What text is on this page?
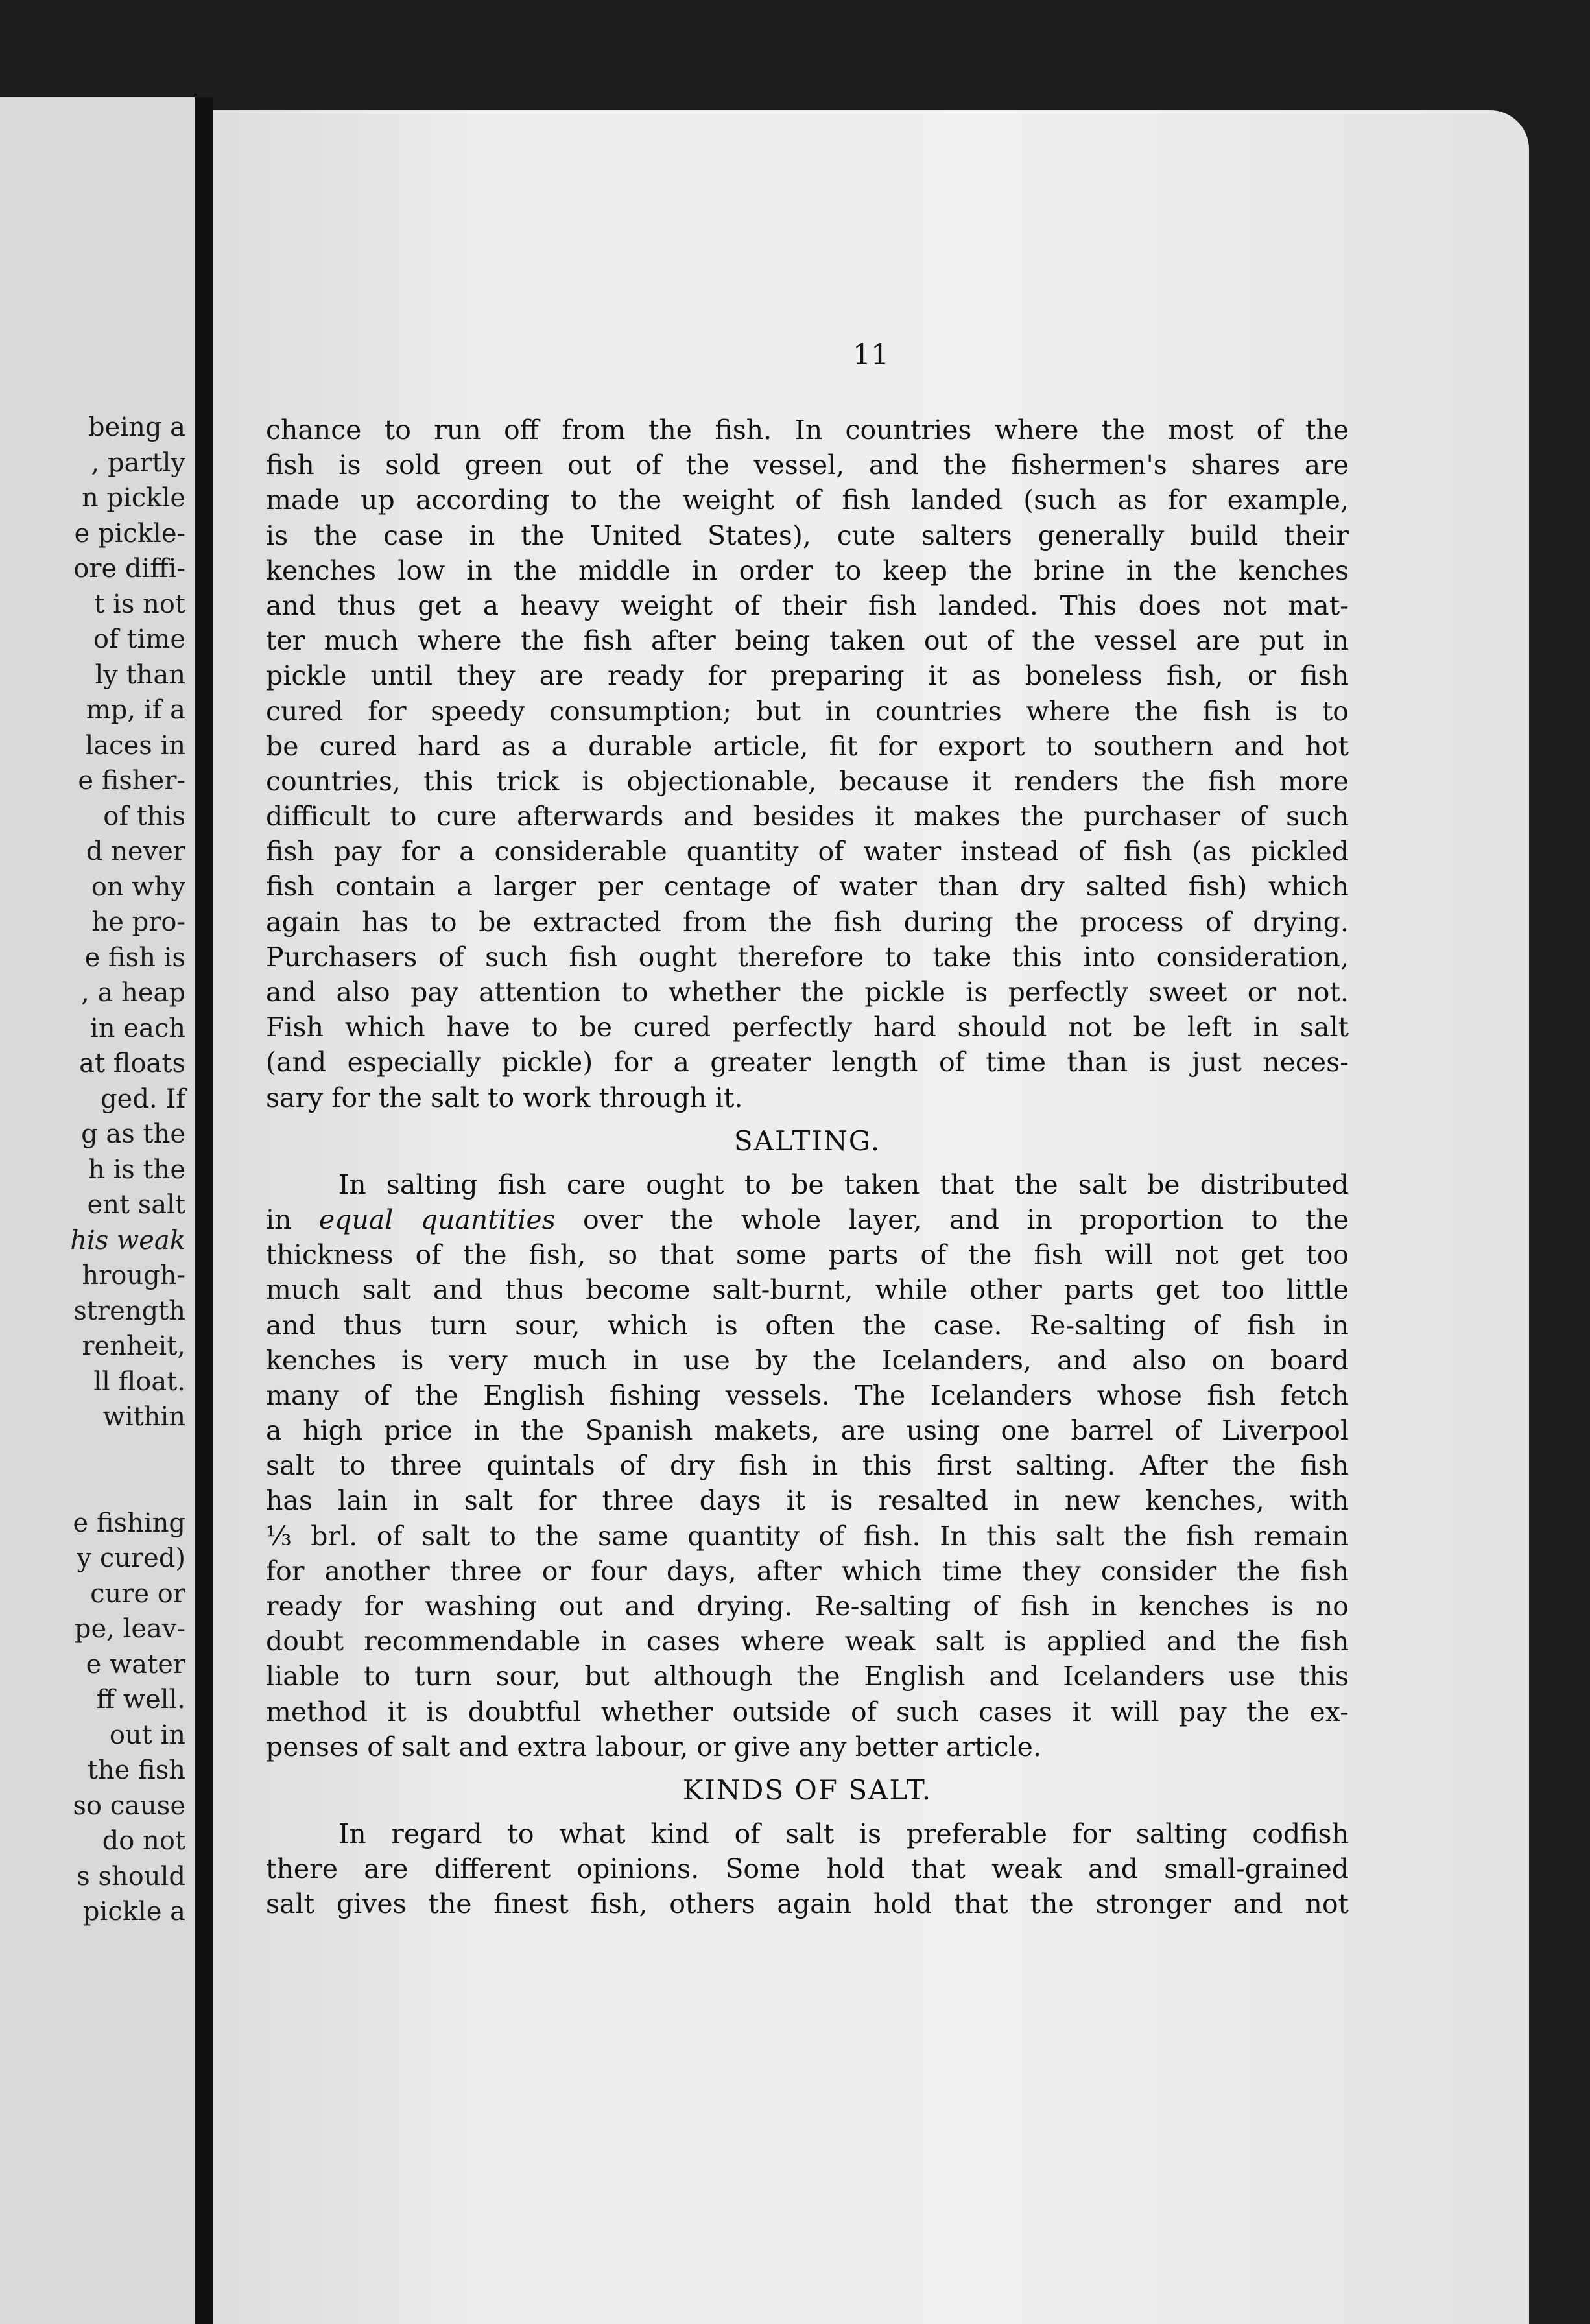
being a
, partly
n pickle
e pickle-
ore diffi-
t is not
of time
ly than
mp, if a
laces in
e fisher-
of this
d never
on why
he pro-
e fish is
, a heap
in each
at floats
ged. If
g as the
h is the
ent salt
his weak
hrough-
strength
renheit,
ll float.
within
e fishing
y cured)
cure or
pe, leav-
e water
ff well.
out in
the fish
so cause
do not
s should
pickle a
11
chance to run off from the fish. In countries where the most of the
fish is sold green out of the vessel, and the fishermen's shares are
made up according to the weight of fish landed (such as for example,
is the case in the United States), cute salters generally build their
kenches low in the middle in order to keep the brine in the kenches
and thus get a heavy weight of their fish landed. This does not mat-
ter much where the fish after being taken out of the vessel are put in
pickle until they are ready for preparing it as boneless fish, or fish
cured for speedy consumption; but in countries where the fish is to
be cured hard as a durable article, fit for export to southern and hot
countries, this trick is objectionable, because it renders the fish more
difficult to cure afterwards and besides it makes the purchaser of such
fish pay for a considerable quantity of water instead of fish (as pickled
fish contain a larger per centage of water than dry salted fish) which
again has to be extracted from the fish during the process of drying.
Purchasers of such fish ought therefore to take this into consideration,
and also pay attention to whether the pickle is perfectly sweet or not.
Fish which have to be cured perfectly hard should not be left in salt
(and especially pickle) for a greater length of time than is just neces-
sary for the salt to work through it.
SALTING.
In salting fish care ought to be taken that the salt be distributed
in equal quantities over the whole layer, and in proportion to the
thickness of the fish, so that some parts of the fish will not get too
much salt and thus become salt-burnt, while other parts get too little
and thus turn sour, which is often the case. Re-salting of fish in
kenches is very much in use by the Icelanders, and also on board
many of the English fishing vessels. The Icelanders whose fish fetch
a high price in the Spanish makets, are using one barrel of Liverpool
salt to three quintals of dry fish in this first salting. After the fish
has lain in salt for three days it is resalted in new kenches, with
⅓ brl. of salt to the same quantity of fish. In this salt the fish remain
for another three or four days, after which time they consider the fish
ready for washing out and drying. Re-salting of fish in kenches is no
doubt recommendable in cases where weak salt is applied and the fish
liable to turn sour, but although the English and Icelanders use this
method it is doubtful whether outside of such cases it will pay the ex-
penses of salt and extra labour, or give any better article.
KINDS OF SALT.
In regard to what kind of salt is preferable for salting codfish
there are different opinions. Some hold that weak and small-grained
salt gives the finest fish, others again hold that the stronger and not
